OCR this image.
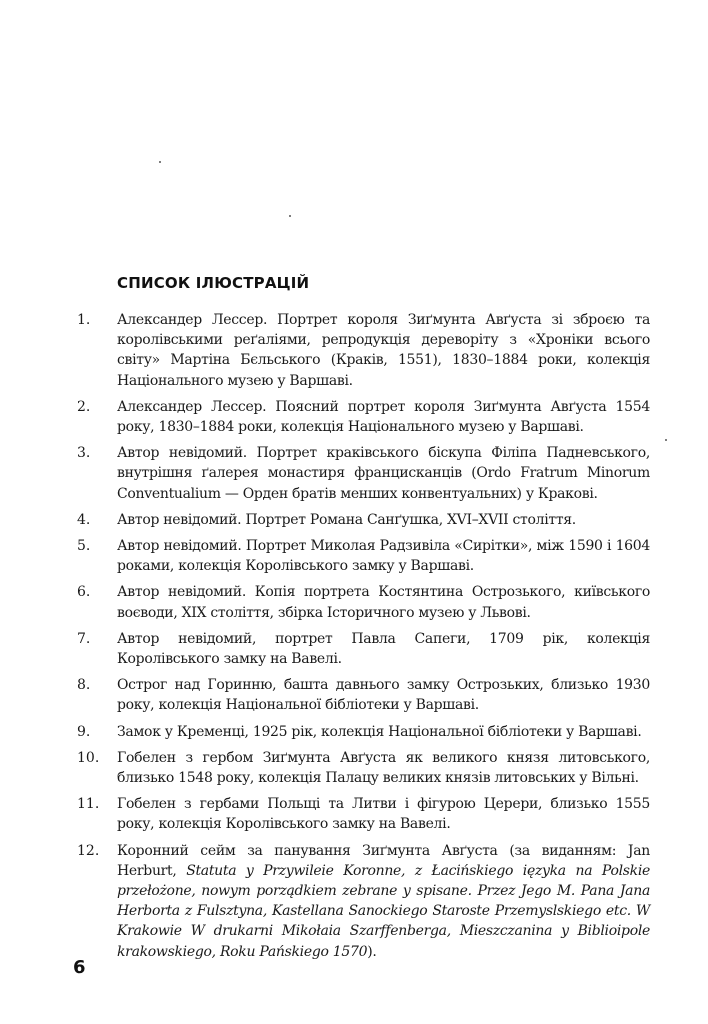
СПИСОК ІЛЮСТРАЦІЙ
1. Александер Лессер. Портрет короля Зиґмунта Авґуста зі зброєю та королівськими реґаліями, репродукція дереворіту з «Хроніки всього світу» Мартіна Бєльського (Краків, 1551), 1830–1884 роки, колекція Національного музею у Варшаві.
2. Александер Лессер. Поясний портрет короля Зиґмунта Авґуста 1554 року, 1830–1884 роки, колекція Національного музею у Варшаві.
3. Автор невідомий. Портрет краківського біскупа Філіпа Падневського, внутрішня ґалерея монастиря францисканців (Ordo Fratrum Minorum Conventualium — Орден братів менших конвентуальних) у Кракові.
4. Автор невідомий. Портрет Романа Санґушка, XVI–XVII століття.
5. Автор невідомий. Портрет Миколая Радзивіла «Сирітки», між 1590 і 1604 роками, колекція Королівського замку у Варшаві.
6. Автор невідомий. Копія портрета Костянтина Острозького, київського воєводи, XIX століття, збірка Історичного музею у Львові.
7. Автор невідомий, портрет Павла Сапеги, 1709 рік, колекція Королівського замку на Вавелі.
8. Острог над Горинню, башта давнього замку Острозьких, близько 1930 року, колекція Національної бібліотеки у Варшаві.
9. Замок у Кременці, 1925 рік, колекція Національної бібліотеки у Варшаві.
10. Гобелен з гербом Зиґмунта Авґуста як великого князя литовського, близько 1548 року, колекція Палацу великих князів литовських у Вільні.
11. Гобелен з гербами Польщі та Литви і фігурою Церери, близько 1555 року, колекція Королівського замку на Вавелі.
12. Коронний сейм за панування Зиґмунта Авґуста (за виданням: Jan Herburt, Statuta y Przywileie Koronne, z Łacińskiego ięzyka na Polskie przełożone, nowym porządkiem zebrane y spisane. Przez Jego M. Pana Jana Herborta z Fulsztyna, Kastellana Sanockiego Staroste Przemyslskiego etc. W Krakowie W drukarni Mikołaia Szarffenberga, Mieszczanina y Biblioipole krakowskiego, Roku Pańskiego 1570).
6
